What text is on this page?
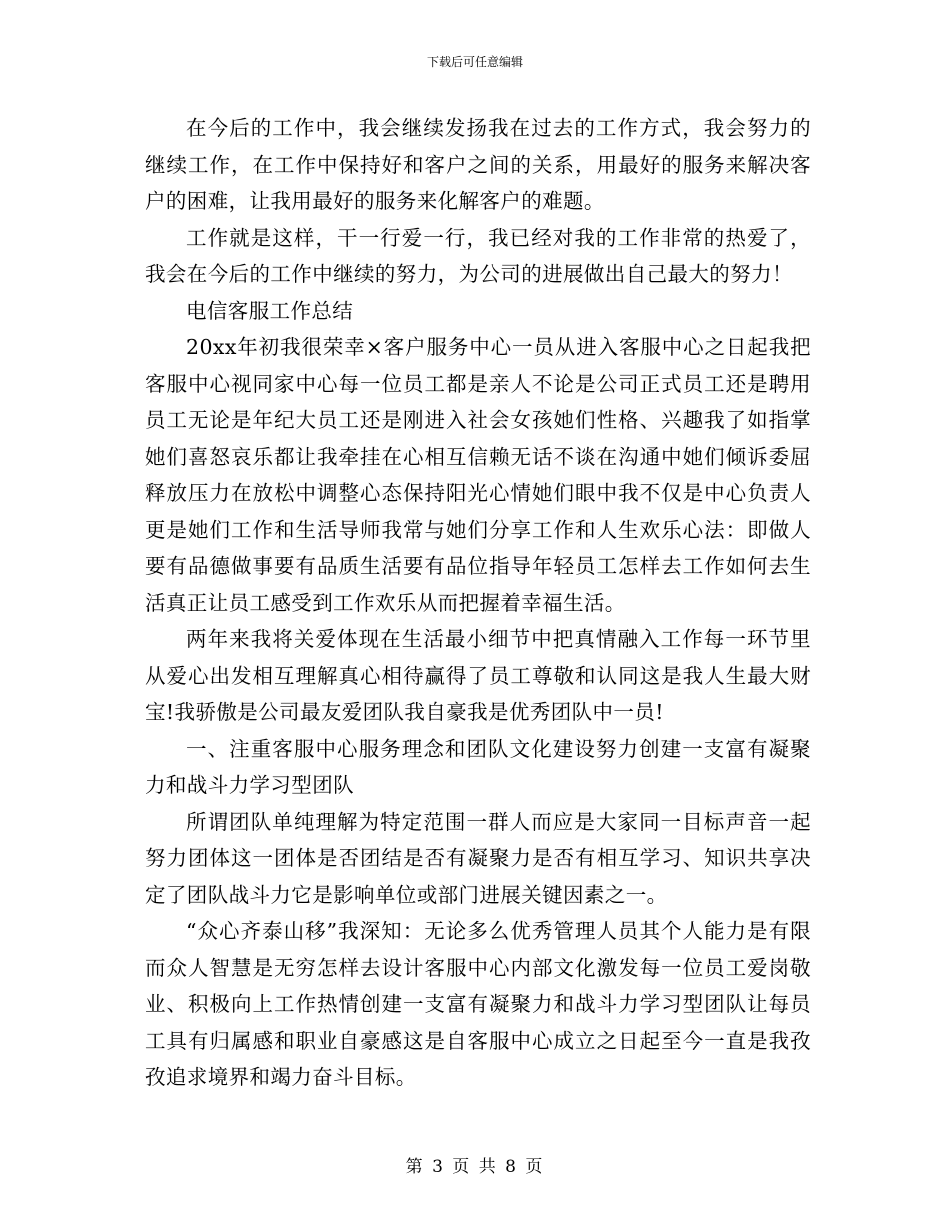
下载后可任意编辑

在今后的工作中，我会继续发扬我在过去的工作方式，我会努力的继续工作，在工作中保持好和客户之间的关系，用最好的服务来解决客户的困难，让我用最好的服务来化解客户的难题。

工作就是这样，干一行爱一行，我已经对我的工作非常的热爱了，我会在今后的工作中继续的努力，为公司的进展做出自己最大的努力！

电信客服工作总结

20xx年初我很荣幸×客户服务中心一员从进入客服中心之日起我把客服中心视同家中心每一位员工都是亲人不论是公司正式员工还是聘用员工无论是年纪大员工还是刚进入社会女孩她们性格、兴趣我了如指掌她们喜怒哀乐都让我牵挂在心相互信赖无话不谈在沟通中她们倾诉委屈释放压力在放松中调整心态保持阳光心情她们眼中我不仅是中心负责人更是她们工作和生活导师我常与她们分享工作和人生欢乐心法：即做人要有品德做事要有品质生活要有品位指导年轻员工怎样去工作如何去生活真正让员工感受到工作欢乐从而把握着幸福生活。

两年来我将关爱体现在生活最小细节中把真情融入工作每一环节里从爱心出发相互理解真心相待赢得了员工尊敬和认同这是我人生最大财宝!我骄傲是公司最友爱团队我自豪我是优秀团队中一员!

一、注重客服中心服务理念和团队文化建设努力创建一支富有凝聚力和战斗力学习型团队

所谓团队单纯理解为特定范围一群人而应是大家同一目标声音一起努力团体这一团体是否团结是否有凝聚力是否有相互学习、知识共享决定了团队战斗力它是影响单位或部门进展关键因素之一。

“众心齐泰山移”我深知：无论多么优秀管理人员其个人能力是有限而众人智慧是无穷怎样去设计客服中心内部文化激发每一位员工爱岗敬业、积极向上工作热情创建一支富有凝聚力和战斗力学习型团队让每员工具有归属感和职业自豪感这是自客服中心成立之日起至今一直是我孜孜追求境界和竭力奋斗目标。

第 3 页 共 8 页
